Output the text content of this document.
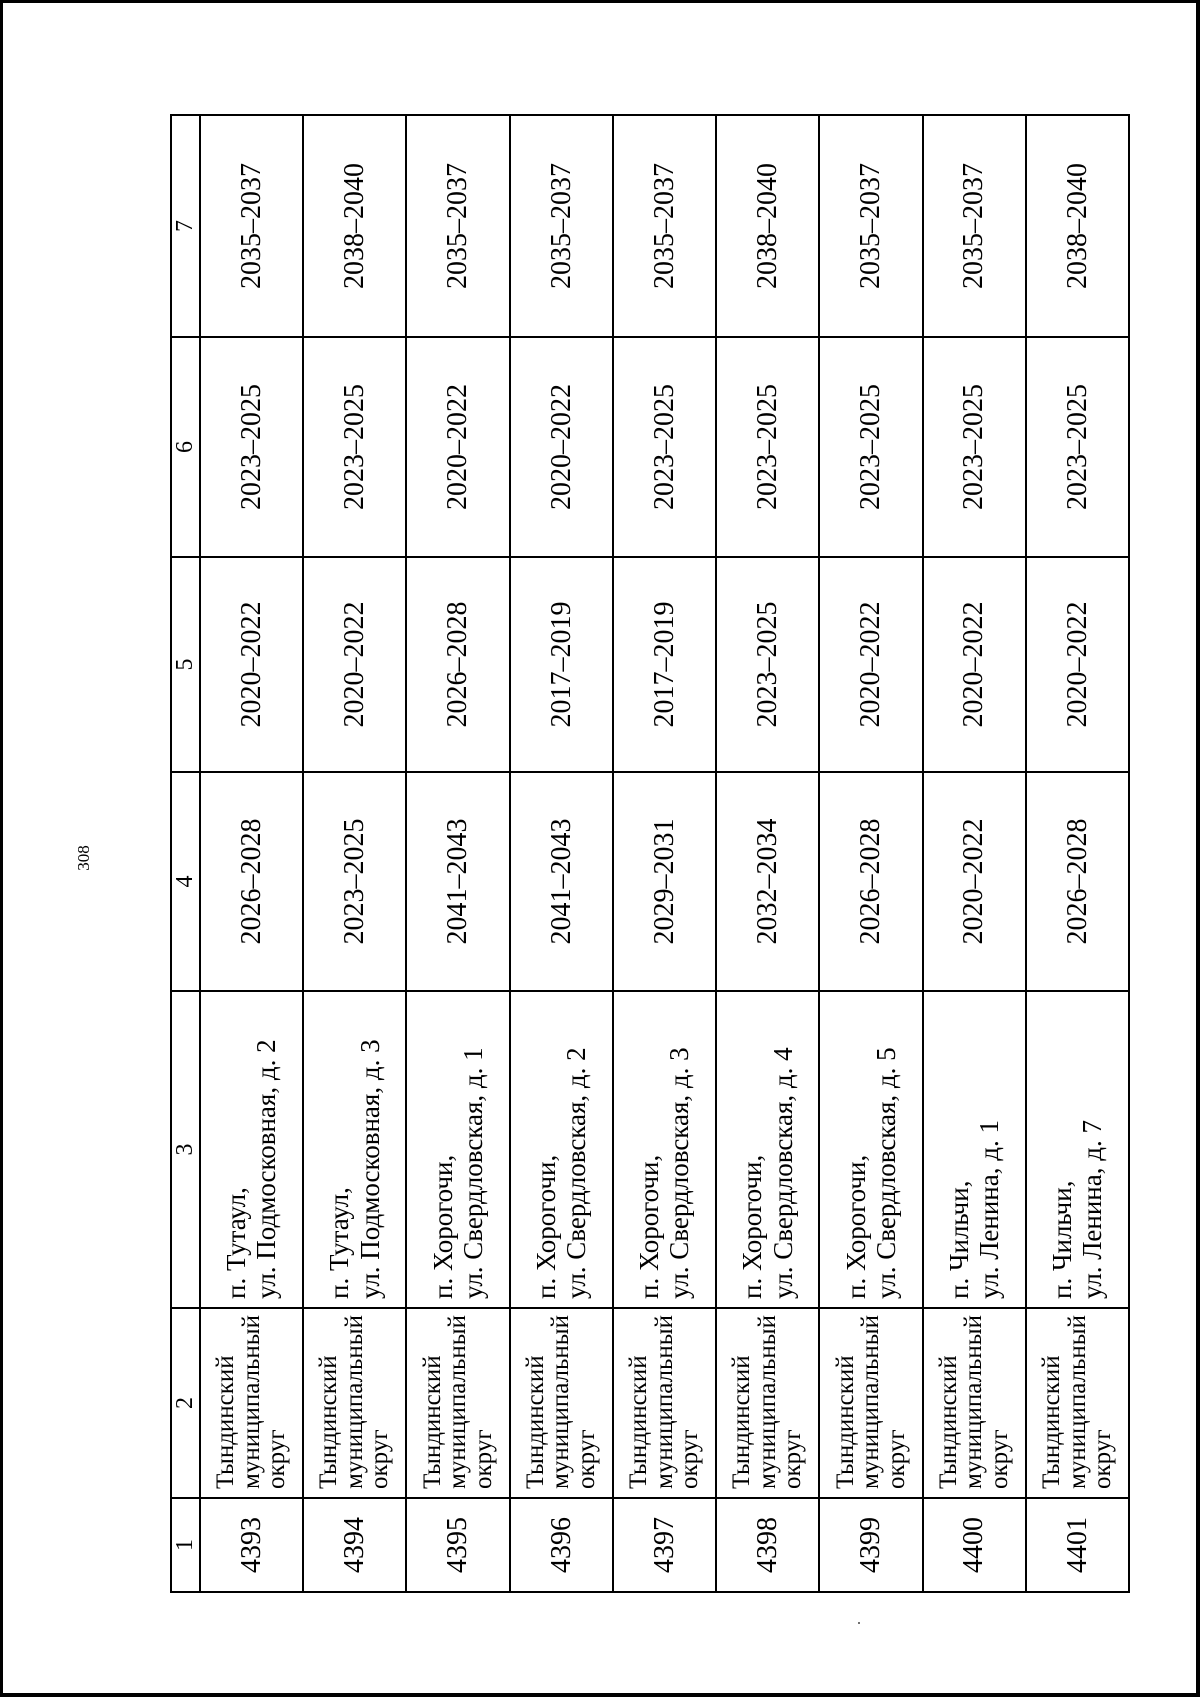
308
1	2	3	4	5	6	7
4393	Тындинский муниципальный округ	п. Тутаул, ул. Подмосковная, д. 2	2026–2028	2020–2022	2023–2025	2035–2037
4394	Тындинский муниципальный округ	п. Тутаул, ул. Подмосковная, д. 3	2023–2025	2020–2022	2023–2025	2038–2040
4395	Тындинский муниципальный округ	п. Хорогочи, ул. Свердловская, д. 1	2041–2043	2026–2028	2020–2022	2035–2037
4396	Тындинский муниципальный округ	п. Хорогочи, ул. Свердловская, д. 2	2041–2043	2017–2019	2020–2022	2035–2037
4397	Тындинский муниципальный округ	п. Хорогочи, ул. Свердловская, д. 3	2029–2031	2017–2019	2023–2025	2035–2037
4398	Тындинский муниципальный округ	п. Хорогочи, ул. Свердловская, д. 4	2032–2034	2023–2025	2023–2025	2038–2040
4399	Тындинский муниципальный округ	п. Хорогочи, ул. Свердловская, д. 5	2026–2028	2020–2022	2023–2025	2035–2037
4400	Тындинский муниципальный округ	п. Чильчи, ул. Ленина, д. 1	2020–2022	2020–2022	2023–2025	2035–2037
4401	Тындинский муниципальный округ	п. Чильчи, ул. Ленина, д. 7	2026–2028	2020–2022	2023–2025	2038–2040
